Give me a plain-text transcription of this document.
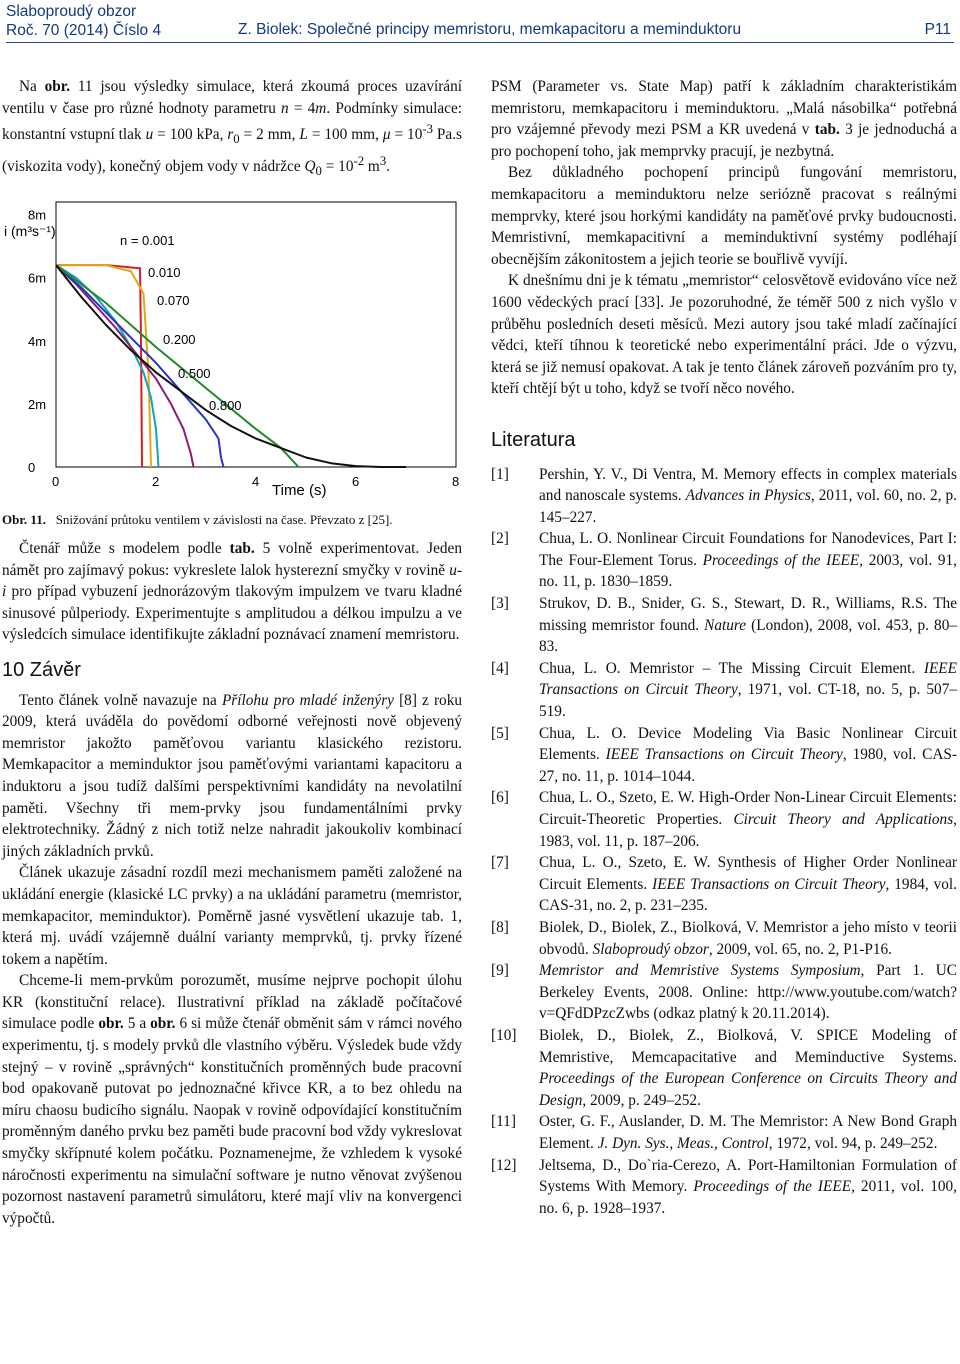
Slaboproudý obzor
Roč. 70 (2014) Číslo 4	Z. Biolek: Společné principy memristoru, memkapacitoru a meminduktoru	P11

Na obr. 11 jsou výsledky simulace, která zkoumá proces uzavírání ventilu v čase pro různé hodnoty parametru n = 4m. Podmínky simulace: konstantní vstupní tlak u = 100 kPa, $r_0 = 2$ mm, L = 100 mm, $\mu = 10^{-3}$ Pa.s (viskozita vody), konečný objem vody v nádržce $Q_0 = 10^{-2}$ $m^3$.

0
2m
4m
6m
8m
0	2	4	6	8
n = 0.001
0.010
0.070
0.200
0.500
0.800
i (m³s⁻¹)
Time (s)
Obr. 11. Snižování průtoku ventilem v závislosti na čase. Převzato z [25].

Čtenář může s modelem podle tab. 5 volně experimentovat. Jeden námět pro zajímavý pokus: vykreslete lalok hysterezní smyčky v rovině u-i pro případ vybuzení jednorázovým tlakovým impulzem ve tvaru kladné sinusové půlperiody. Experimentujte s amplitudou a délkou impulzu a ve výsledcích simulace identifikujte základní poznávací znamení memristoru.

10 Závěr

Tento článek volně navazuje na Přílohu pro mladé inženýry [8] z roku 2009, která uváděla do povědomí odborné veřejnosti nově objevený memristor jakožto paměťovou variantu klasického rezistoru. Memkapacitor a meminduktor jsou paměťovými variantami kapacitoru a induktoru a jsou tudíž dalšími perspektivními kandidáty na nevolatilní paměti. Všechny tři mem-prvky jsou fundamentálními prvky elektrotechniky. Žádný z nich totiž nelze nahradit jakoukoliv kombinací jiných základních prvků.

Článek ukazuje zásadní rozdíl mezi mechanismem paměti založené na ukládání energie (klasické LC prvky) a na ukládání parametru (memristor, memkapacitor, meminduktor). Poměrně jasné vysvětlení ukazuje tab. 1, která mj. uvádí vzájemně duální varianty memprvků, tj. prvky řízené tokem a napětím.

Chceme-li mem-prvkům porozumět, musíme nejprve pochopit úlohu KR (konstituční relace). Ilustrativní příklad na základě počítačové simulace podle obr. 5 a obr. 6 si může čtenář obměnit sám v rámci nového experimentu, tj. s modely prvků dle vlastního výběru. Výsledek bude vždy stejný – v rovině „správných“ konstitučních proměnných bude pracovní bod opakovaně putovat po jednoznačné křivce KR, a to bez ohledu na míru chaosu budicího signálu. Naopak v rovině odpovídající konstitučním proměnným daného prvku bez paměti bude pracovní bod vždy vykreslovat smyčky skřípnuté kolem počátku. Poznamenejme, že vzhledem k vysoké náročnosti experimentu na simulační software je nutno věnovat zvýšenou pozornost nastavení parametrů simulátoru, které mají vliv na konvergenci výpočtů.

PSM (Parameter vs. State Map) patří k základním charakteristikám memristoru, memkapacitoru i meminduktoru. „Malá násobilka“ potřebná pro vzájemné převody mezi PSM a KR uvedená v tab. 3 je jednoduchá a pro pochopení toho, jak memprvky pracují, je nezbytná.

Bez důkladného pochopení principů fungování memristoru, memkapacitoru a meminduktoru nelze seriózně pracovat s reálnými memprvky, které jsou horkými kandidáty na paměťové prvky budoucnosti. Memristivní, memkapacitivní a meminduktivní systémy podléhají obecnějším zákonitostem a jejich teorie se bouřlivě vyvíjí.

K dnešnímu dni je k tématu „memristor“ celosvětově evidováno více než 1600 vědeckých prací [33]. Je pozoruhodné, že téměř 500 z nich vyšlo v průběhu posledních deseti měsíců. Mezi autory jsou také mladí začínající vědci, kteří tíhnou k teoretické nebo experimentální práci. Jde o výzvu, která se již nemusí opakovat. A tak je tento článek zároveň pozváním pro ty, kteří chtějí být u toho, když se tvoří něco nového.

Literatura

[1]	Pershin, Y. V., Di Ventra, M. Memory effects in complex materials and nanoscale systems. Advances in Physics, 2011, vol. 60, no. 2, p. 145–227.
[2]	Chua, L. O. Nonlinear Circuit Foundations for Nanodevices, Part I: The Four-Element Torus. Proceedings of the IEEE, 2003, vol. 91, no. 11, p. 1830–1859.
[3]	Strukov, D. B., Snider, G. S., Stewart, D. R., Williams, R.S. The missing memristor found. Nature (London), 2008, vol. 453, p. 80–83.
[4]	Chua, L. O. Memristor – The Missing Circuit Element. IEEE Transactions on Circuit Theory, 1971, vol. CT-18, no. 5, p. 507–519.
[5]	Chua, L. O. Device Modeling Via Basic Nonlinear Circuit Elements. IEEE Transactions on Circuit Theory, 1980, vol. CAS-27, no. 11, p. 1014–1044.
[6]	Chua, L. O., Szeto, E. W. High-Order Non-Linear Circuit Elements: Circuit-Theoretic Properties. Circuit Theory and Applications, 1983, vol. 11, p. 187–206.
[7]	Chua, L. O., Szeto, E. W. Synthesis of Higher Order Nonlinear Circuit Elements. IEEE Transactions on Circuit Theory, 1984, vol. CAS-31, no. 2, p. 231–235.
[8]	Biolek, D., Biolek, Z., Biolková, V. Memristor a jeho místo v teorii obvodů. Slaboproudý obzor, 2009, vol. 65, no. 2, P1-P16.
[9]	Memristor and Memristive Systems Symposium, Part 1. UC Berkeley Events, 2008. Online: http://www.youtube.com/watch?v=QFdDPzcZwbs (odkaz platný k 20.11.2014).
[10]	Biolek, D., Biolek, Z., Biolková, V. SPICE Modeling of Memristive, Memcapacitative and Meminductive Systems. Proceedings of the European Conference on Circuits Theory and Design, 2009, p. 249–252.
[11]	Oster, G. F., Auslander, D. M. The Memristor: A New Bond Graph Element. J. Dyn. Sys., Meas., Control, 1972, vol. 94, p. 249–252.
[12]	Jeltsema, D., Do`ria-Cerezo, A. Port-Hamiltonian Formulation of Systems With Memory. Proceedings of the IEEE, 2011, vol. 100, no. 6, p. 1928–1937.
